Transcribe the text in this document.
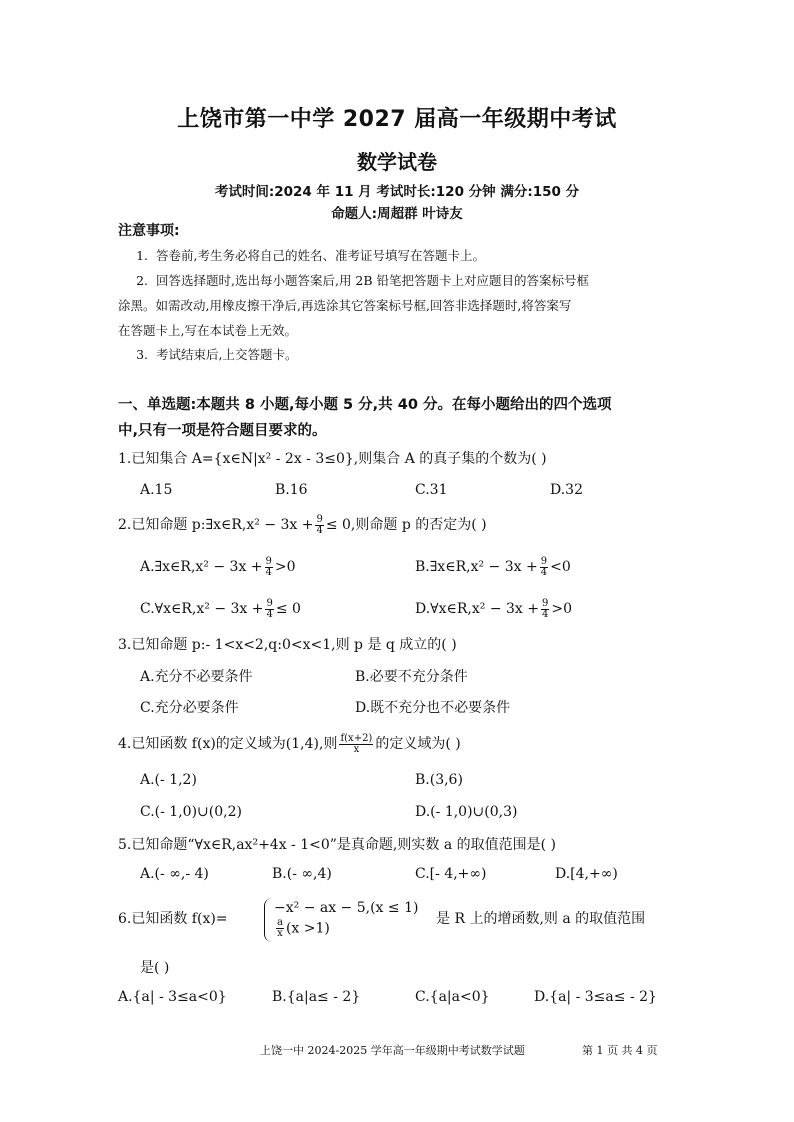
上饶市第一中学 2027 届高一年级期中考试
数学试卷
考试时间:2024 年 11 月 考试时长:120 分钟 满分:150 分
命题人:周超群 叶诗友
注意事项:
1. 答卷前,考生务必将自己的姓名、准考证号填写在答题卡上。

2. 回答选择题时,选出每小题答案后,用 2B 铅笔把答题卡上对应题目的答案标号框

涂黑。如需改动,用橡皮擦干净后,再选涂其它答案标号框,回答非选择题时,将答案写

在答题卡上,写在本试卷上无效。

3. 考试结束后,上交答题卡。
一、单选题:本题共 8 小题,每小题 5 分,共 40 分。在每小题给出的四个选项
中,只有一项是符合题目要求的。
1.已知集合 A={x∈N|x² - 2x - 3≤0},则集合 A 的真子集的个数为( )
A.15	B.16	C.31	D.32
2.已知命题 p:∃x∈R,x² − $3x + \frac{9}{4} \le 0$,则命题 p 的否定为( )
A.∃x∈R,x² − $3x + \frac{9}{4} >0$	B.∃x∈R,x² − $3x + \frac{9}{4} <0$
C.∀x∈R,x² − $3x + \frac{9}{4} \le 0$	D.∀x∈R,x² − $3x + \frac{9}{4} >0$
3.已知命题 p:- 1<x<2,q:0<x<1,则 p 是 q 成立的( )
A.充分不必要条件	B.必要不充分条件
C.充分必要条件	D.既不充分也不必要条件
4.已知函数 f(x)的定义域为(1,4),则 $\frac{f(x+2)}{x}$ 的定义域为( )
A.(- 1,2)	B.(3,6)
C.(- 1,0)∪(0,2)	D.(- 1,0)∪(0,3)
5.已知命题“∀x∈R,ax²+4x - 1<0”是真命题,则实数 a 的取值范围是( )
A.(- ∞,- 4)	B.(- ∞,4)	C.[- 4,+∞)	D.[4,+∞)
6.已知函数 f(x)=
−x² − ax − 5,(x ≤ 1)
$\frac{a}{x} (x >1)$
是 R 上的增函数,则 a 的取值范围
是( )
A.{a| - 3≤a<0}	B.{a|a≤ - 2}	C.{a|a<0}	D.{a| - 3≤a≤ - 2}
上饶一中 2024-2025 学年高一年级期中考试数学试题	第 1 页 共 4 页
